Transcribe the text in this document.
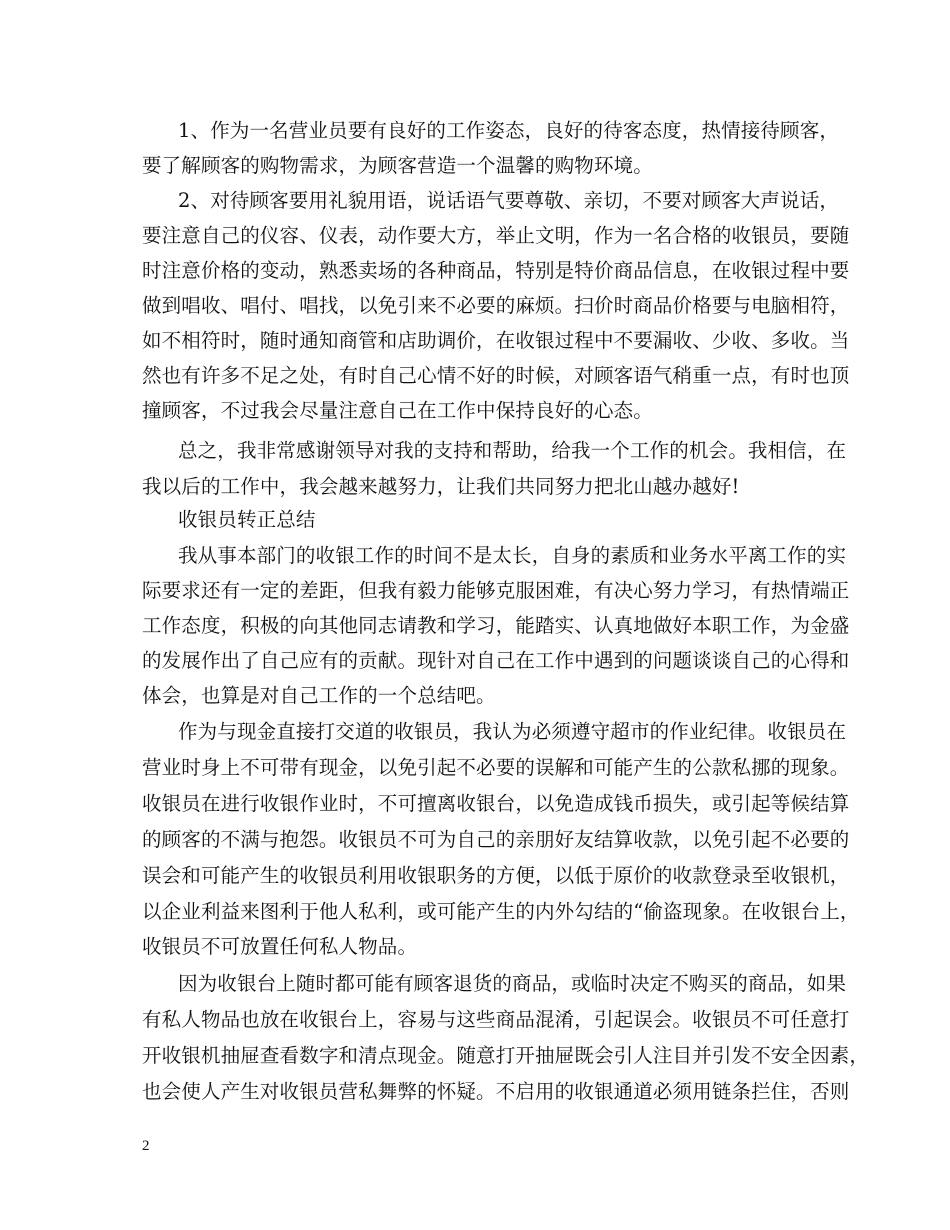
1、作为一名营业员要有良好的工作姿态，良好的待客态度，热情接待顾客，
要了解顾客的购物需求，为顾客营造一个温馨的购物环境。
2、对待顾客要用礼貌用语，说话语气要尊敬、亲切，不要对顾客大声说话，
要注意自己的仪容、仪表，动作要大方，举止文明，作为一名合格的收银员，要随
时注意价格的变动，熟悉卖场的各种商品，特别是特价商品信息，在收银过程中要
做到唱收、唱付、唱找，以免引来不必要的麻烦。扫价时商品价格要与电脑相符，
如不相符时，随时通知商管和店助调价，在收银过程中不要漏收、少收、多收。当
然也有许多不足之处，有时自己心情不好的时候，对顾客语气稍重一点，有时也顶
撞顾客，不过我会尽量注意自己在工作中保持良好的心态。
总之，我非常感谢领导对我的支持和帮助，给我一个工作的机会。我相信，在
我以后的工作中，我会越来越努力，让我们共同努力把北山越办越好!
收银员转正总结
我从事本部门的收银工作的时间不是太长，自身的素质和业务水平离工作的实
际要求还有一定的差距，但我有毅力能够克服困难，有决心努力学习，有热情端正
工作态度，积极的向其他同志请教和学习，能踏实、认真地做好本职工作，为金盛
的发展作出了自己应有的贡献。现针对自己在工作中遇到的问题谈谈自己的心得和
体会，也算是对自己工作的一个总结吧。
作为与现金直接打交道的收银员，我认为必须遵守超市的作业纪律。收银员在
营业时身上不可带有现金，以免引起不必要的误解和可能产生的公款私挪的现象。
收银员在进行收银作业时，不可擅离收银台，以免造成钱币损失，或引起等候结算
的顾客的不满与抱怨。收银员不可为自己的亲朋好友结算收款，以免引起不必要的
误会和可能产生的收银员利用收银职务的方便，以低于原价的收款登录至收银机，
以企业利益来图利于他人私利，或可能产生的内外勾结的“偷盗现象。在收银台上，
收银员不可放置任何私人物品。
因为收银台上随时都可能有顾客退货的商品，或临时决定不购买的商品，如果
有私人物品也放在收银台上，容易与这些商品混淆，引起误会。收银员不可任意打
开收银机抽屉查看数字和清点现金。随意打开抽屉既会引人注目并引发不安全因素，
也会使人产生对收银员营私舞弊的怀疑。不启用的收银通道必须用链条拦住，否则
2
